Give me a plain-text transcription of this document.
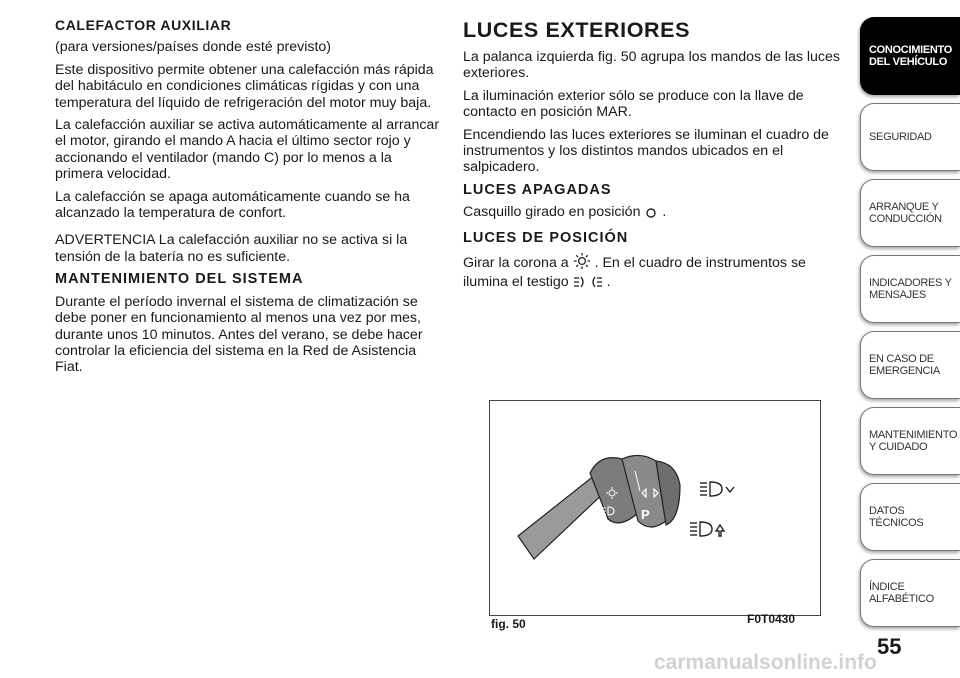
CALEFACTOR AUXILIAR

(para versiones/países donde esté previsto)

Este dispositivo permite obtener una calefacción más rápida del habitáculo en condiciones climáticas rígidas y con una temperatura del líquido de refrigeración del motor muy baja.

La calefacción auxiliar se activa automáticamente al arrancar el motor, girando el mando A hacia el último sector rojo y accionando el ventilador (mando C) por lo menos a la primera velocidad.

La calefacción se apaga automáticamente cuando se ha alcanzado la temperatura de confort.

ADVERTENCIA La calefacción auxiliar no se activa si la tensión de la batería no es suficiente.

MANTENIMIENTO DEL SISTEMA

Durante el período invernal el sistema de climatización se debe poner en funcionamiento al menos una vez por mes, durante unos 10 minutos. Antes del verano, se debe hacer controlar la eficiencia del sistema en la Red de Asistencia Fiat.

LUCES EXTERIORES

La palanca izquierda fig. 50 agrupa los mandos de las luces exteriores.

La iluminación exterior sólo se produce con la llave de contacto en posición MAR.

Encendiendo las luces exteriores se iluminan el cuadro de instrumentos y los distintos mandos ubicados en el salpicadero.

LUCES APAGADAS

Casquillo girado en posición .

LUCES DE POSICIÓN

Girar la corona a . En el cuadro de instrumentos se ilumina el testigo	.

P
fig. 50	F0T0430
CONOCIMIENTO DEL VEHÍCULO
SEGURIDAD
ARRANQUE Y CONDUCCIÓN
INDICADORES Y MENSAJES
EN CASO DE EMERGENCIA
MANTENIMIENTO Y CUIDADO
DATOS TÉCNICOS
ÍNDICE ALFABÉTICO
55
carmanualsonline.info
